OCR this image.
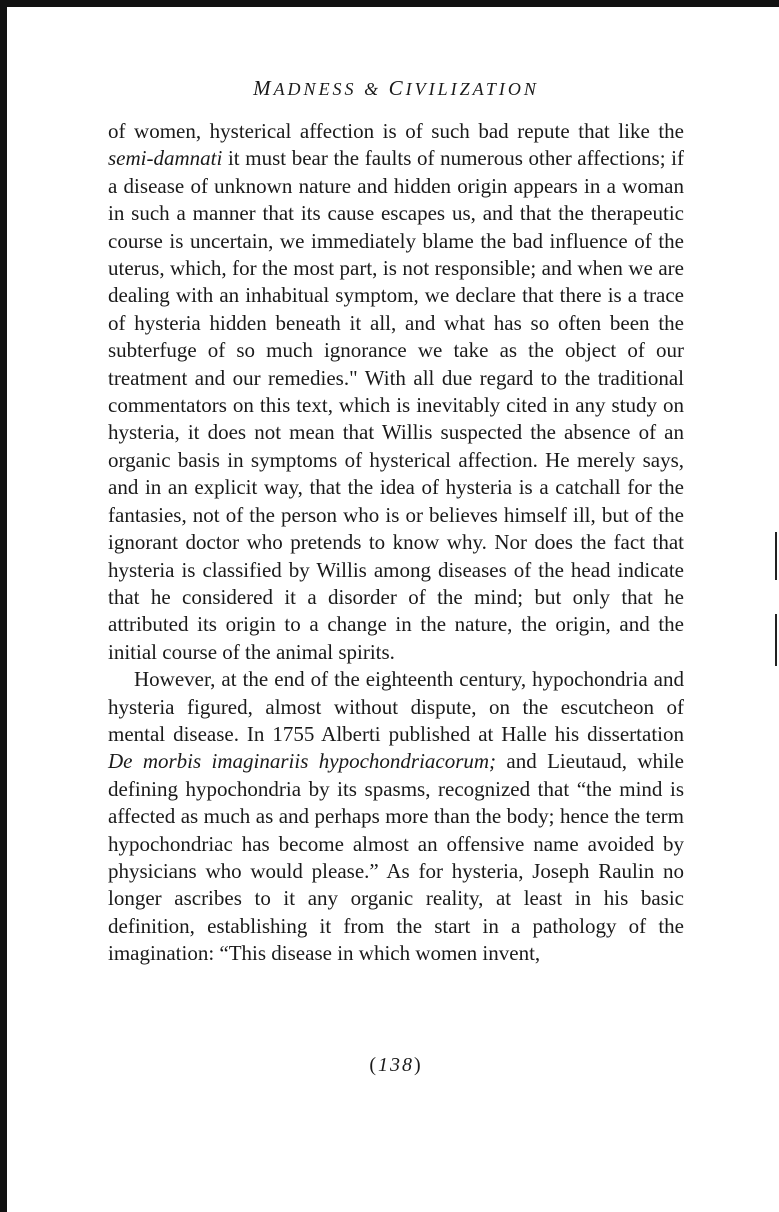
MADNESS & CIVILIZATION

of women, hysterical affection is of such bad repute that like the semi-damnati it must bear the faults of numerous other affections; if a disease of unknown nature and hidden origin appears in a woman in such a manner that its cause escapes us, and that the therapeutic course is uncertain, we immediately blame the bad influence of the uterus, which, for the most part, is not responsible; and when we are dealing with an inhabitual symptom, we declare that there is a trace of hysteria hidden beneath it all, and what has so often been the subterfuge of so much ignorance we take as the object of our treatment and our remedies." With all due regard to the traditional commentators on this text, which is inevitably cited in any study on hysteria, it does not mean that Willis suspected the absence of an organic basis in symptoms of hysterical affection. He merely says, and in an explicit way, that the idea of hysteria is a catchall for the fantasies, not of the person who is or believes himself ill, but of the ignorant doctor who pretends to know why. Nor does the fact that hysteria is classified by Willis among diseases of the head indicate that he considered it a disorder of the mind; but only that he attributed its origin to a change in the nature, the origin, and the initial course of the animal spirits.

However, at the end of the eighteenth century, hypochondria and hysteria figured, almost without dispute, on the escutcheon of mental disease. In 1755 Alberti published at Halle his dissertation De morbis imaginariis hypochondriacorum; and Lieutaud, while defining hypochondria by its spasms, recognized that “the mind is affected as much as and perhaps more than the body; hence the term hypochondriac has become almost an offensive name avoided by physicians who would please.” As for hysteria, Joseph Raulin no longer ascribes to it any organic reality, at least in his basic definition, establishing it from the start in a pathology of the imagination: “This disease in which women invent,

(138)
